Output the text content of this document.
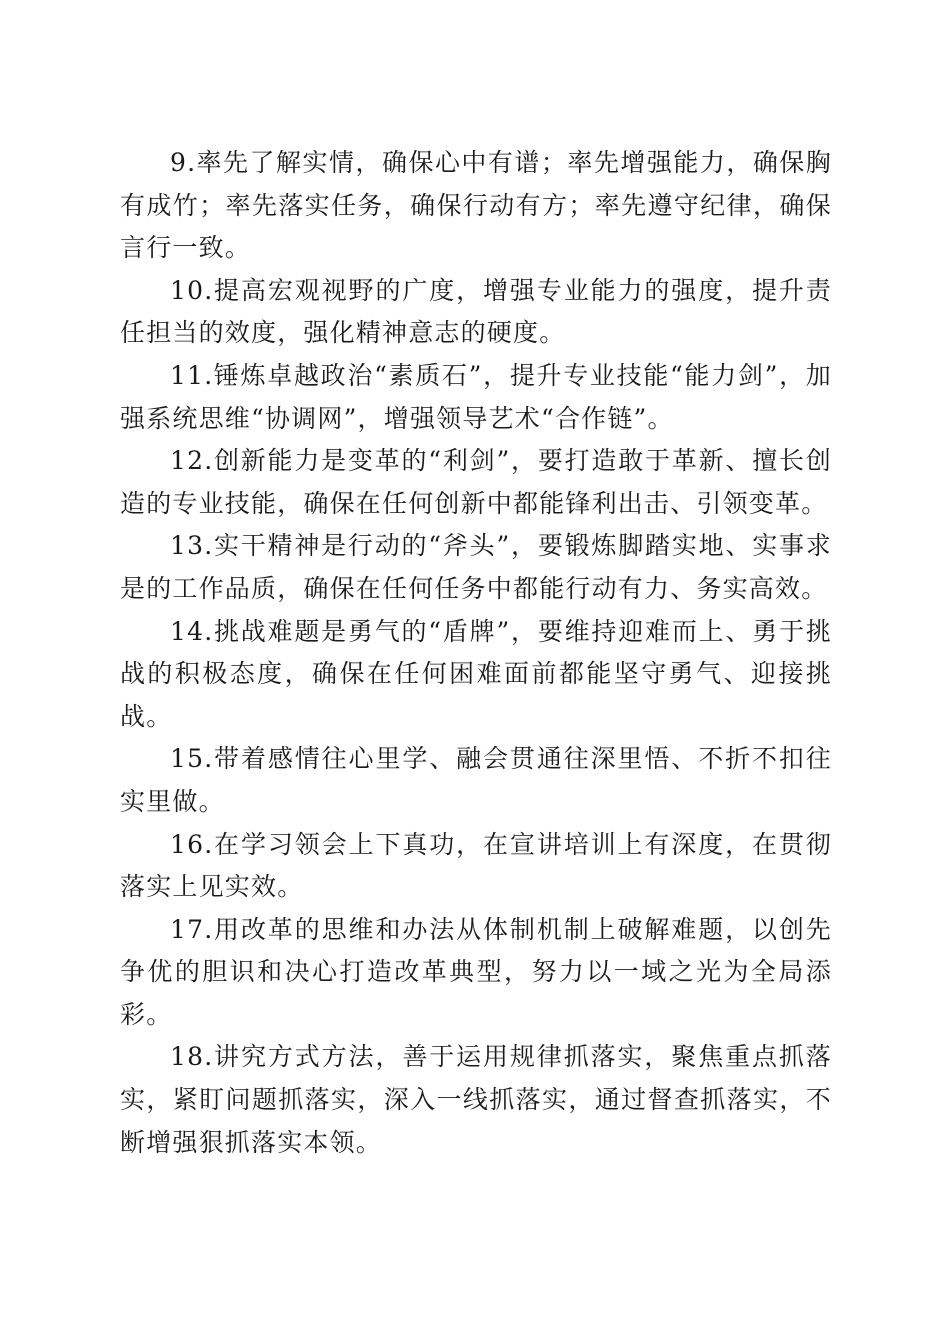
9.率先了解实情，确保心中有谱；率先增强能力，确保胸有成竹；率先落实任务，确保行动有方；率先遵守纪律，确保言行一致。

10.提高宏观视野的广度，增强专业能力的强度，提升责任担当的效度，强化精神意志的硬度。

11.锤炼卓越政治“素质石”，提升专业技能“能力剑”，加强系统思维“协调网”，增强领导艺术“合作链”。

12.创新能力是变革的“利剑”，要打造敢于革新、擅长创造的专业技能，确保在任何创新中都能锋利出击、引领变革。

13.实干精神是行动的“斧头”，要锻炼脚踏实地、实事求是的工作品质，确保在任何任务中都能行动有力、务实高效。

14.挑战难题是勇气的“盾牌”，要维持迎难而上、勇于挑战的积极态度，确保在任何困难面前都能坚守勇气、迎接挑战。

15.带着感情往心里学、融会贯通往深里悟、不折不扣往实里做。

16.在学习领会上下真功，在宣讲培训上有深度，在贯彻落实上见实效。

17.用改革的思维和办法从体制机制上破解难题，以创先争优的胆识和决心打造改革典型，努力以一域之光为全局添彩。

18.讲究方式方法，善于运用规律抓落实，聚焦重点抓落实，紧盯问题抓落实，深入一线抓落实，通过督查抓落实，不断增强狠抓落实本领。
